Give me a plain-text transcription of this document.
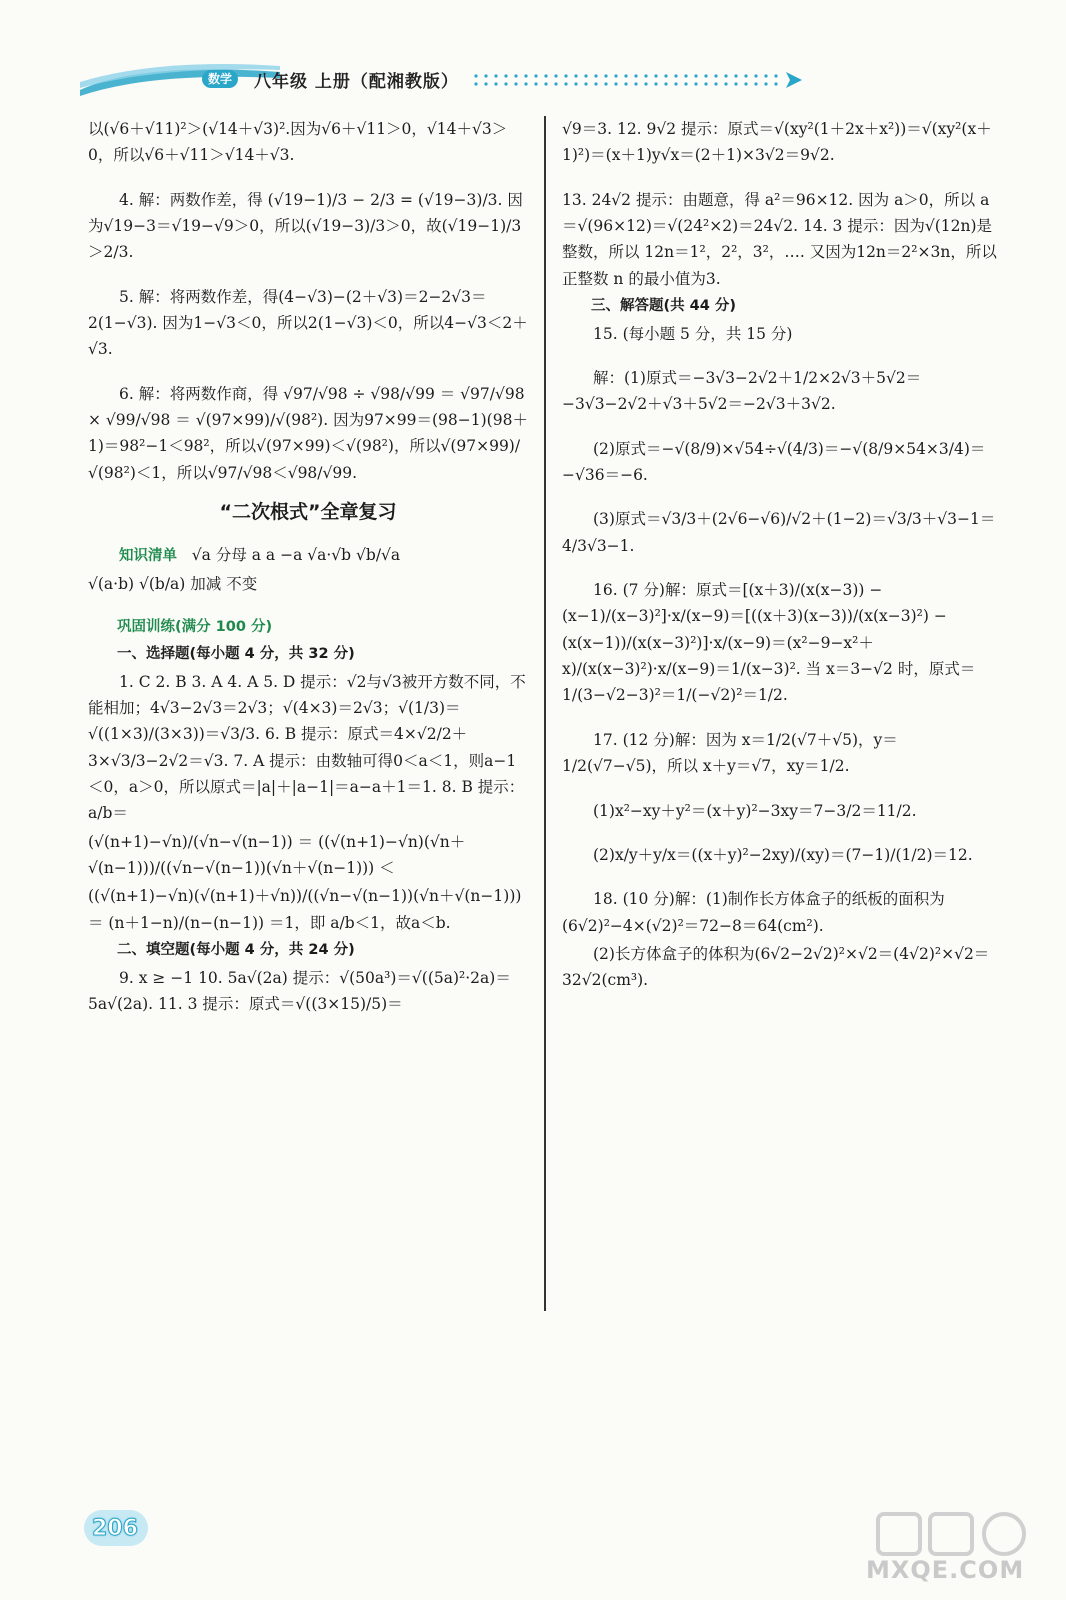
数学	八年级 上册（配湘教版）

以(√6＋√11)²＞(√14＋√3)².因为√6＋√11＞0，√14＋√3＞0，所以√6＋√11＞√14＋√3.

4. 解：两数作差，得 (√19−1)/3 − 2/3 = (√19−3)/3. 因为√19−3＝√19−√9＞0，所以(√19−3)/3＞0，故(√19−1)/3＞2/3.

5. 解：将两数作差，得(4−√3)−(2＋√3)＝2−2√3＝2(1−√3). 因为1−√3＜0，所以2(1−√3)＜0，所以4−√3＜2＋√3.

6. 解：将两数作商，得 √97/√98 ÷ √98/√99 ＝ √97/√98 × √99/√98 ＝ √(97×99)/√(98²). 因为97×99＝(98−1)(98＋1)＝98²−1＜98²，所以√(97×99)＜√(98²)，所以√(97×99)/√(98²)＜1，所以√97/√98＜√98/√99.

“二次根式”全章复习

知识清单 √a 分母 a a −a √a·√b √b/√a

√(a·b) √(b/a) 加减 不变

巩固训练(满分 100 分)

一、选择题(每小题 4 分，共 32 分)

1. C 2. B 3. A 4. A 5. D 提示：√2与√3被开方数不同，不能相加；4√3−2√3＝2√3；√(4×3)＝2√3；√(1/3)＝√((1×3)/(3×3))＝√3/3. 6. B 提示：原式＝4×√2/2＋3×√3/3−2√2＝√3. 7. A 提示：由数轴可得0＜a＜1，则a−1＜0，a＞0，所以原式＝|a|＋|a−1|＝a−a＋1＝1. 8. B 提示：a/b＝

(√(n+1)−√n)/(√n−√(n−1)) ＝ ((√(n+1)−√n)(√n＋√(n−1)))/((√n−√(n−1))(√n＋√(n−1))) ＜

((√(n+1)−√n)(√(n+1)＋√n))/((√n−√(n−1))(√n＋√(n−1))) ＝ (n＋1−n)/(n−(n−1)) ＝1，即 a/b＜1，故a＜b.

二、填空题(每小题 4 分，共 24 分)

9. x ≥ −1 10. 5a√(2a) 提示：√(50a³)＝√((5a)²·2a)＝5a√(2a). 11. 3 提示：原式＝√((3×15)/5)＝

√9＝3. 12. 9√2 提示：原式＝√(xy²(1＋2x＋x²))＝√(xy²(x＋1)²)＝(x＋1)y√x＝(2＋1)×3√2＝9√2.

13. 24√2 提示：由题意，得 a²＝96×12. 因为 a＞0，所以 a＝√(96×12)＝√(24²×2)＝24√2. 14. 3 提示：因为√(12n)是整数，所以 12n＝1²，2²，3²，…. 又因为12n＝2²×3n，所以正整数 n 的最小值为3.

三、解答题(共 44 分)

15. (每小题 5 分，共 15 分)

解：(1)原式＝−3√3−2√2＋1/2×2√3＋5√2＝−3√3−2√2＋√3＋5√2＝−2√3＋3√2.

(2)原式＝−√(8/9)×√54÷√(4/3)＝−√(8/9×54×3/4)＝−√36＝−6.

(3)原式＝√3/3＋(2√6−√6)/√2＋(1−2)＝√3/3＋√3−1＝4/3√3−1.

16. (7 分)解：原式＝[(x＋3)/(x(x−3)) − (x−1)/(x−3)²]·x/(x−9)＝[((x＋3)(x−3))/(x(x−3)²) − (x(x−1))/(x(x−3)²)]·x/(x−9)＝(x²−9−x²＋x)/(x(x−3)²)·x/(x−9)＝1/(x−3)². 当 x＝3−√2 时，原式＝1/(3−√2−3)²＝1/(−√2)²＝1/2.

17. (12 分)解：因为 x＝1/2(√7＋√5)，y＝1/2(√7−√5)，所以 x＋y＝√7，xy＝1/2.

(1)x²−xy＋y²＝(x＋y)²−3xy＝7−3/2＝11/2.

(2)x/y＋y/x＝((x＋y)²−2xy)/(xy)＝(7−1)/(1/2)＝12.

18. (10 分)解：(1)制作长方体盒子的纸板的面积为(6√2)²−4×(√2)²＝72−8＝64(cm²).

(2)长方体盒子的体积为(6√2−2√2)²×√2＝(4√2)²×√2＝32√2(cm³).

206
MXQE.COM
